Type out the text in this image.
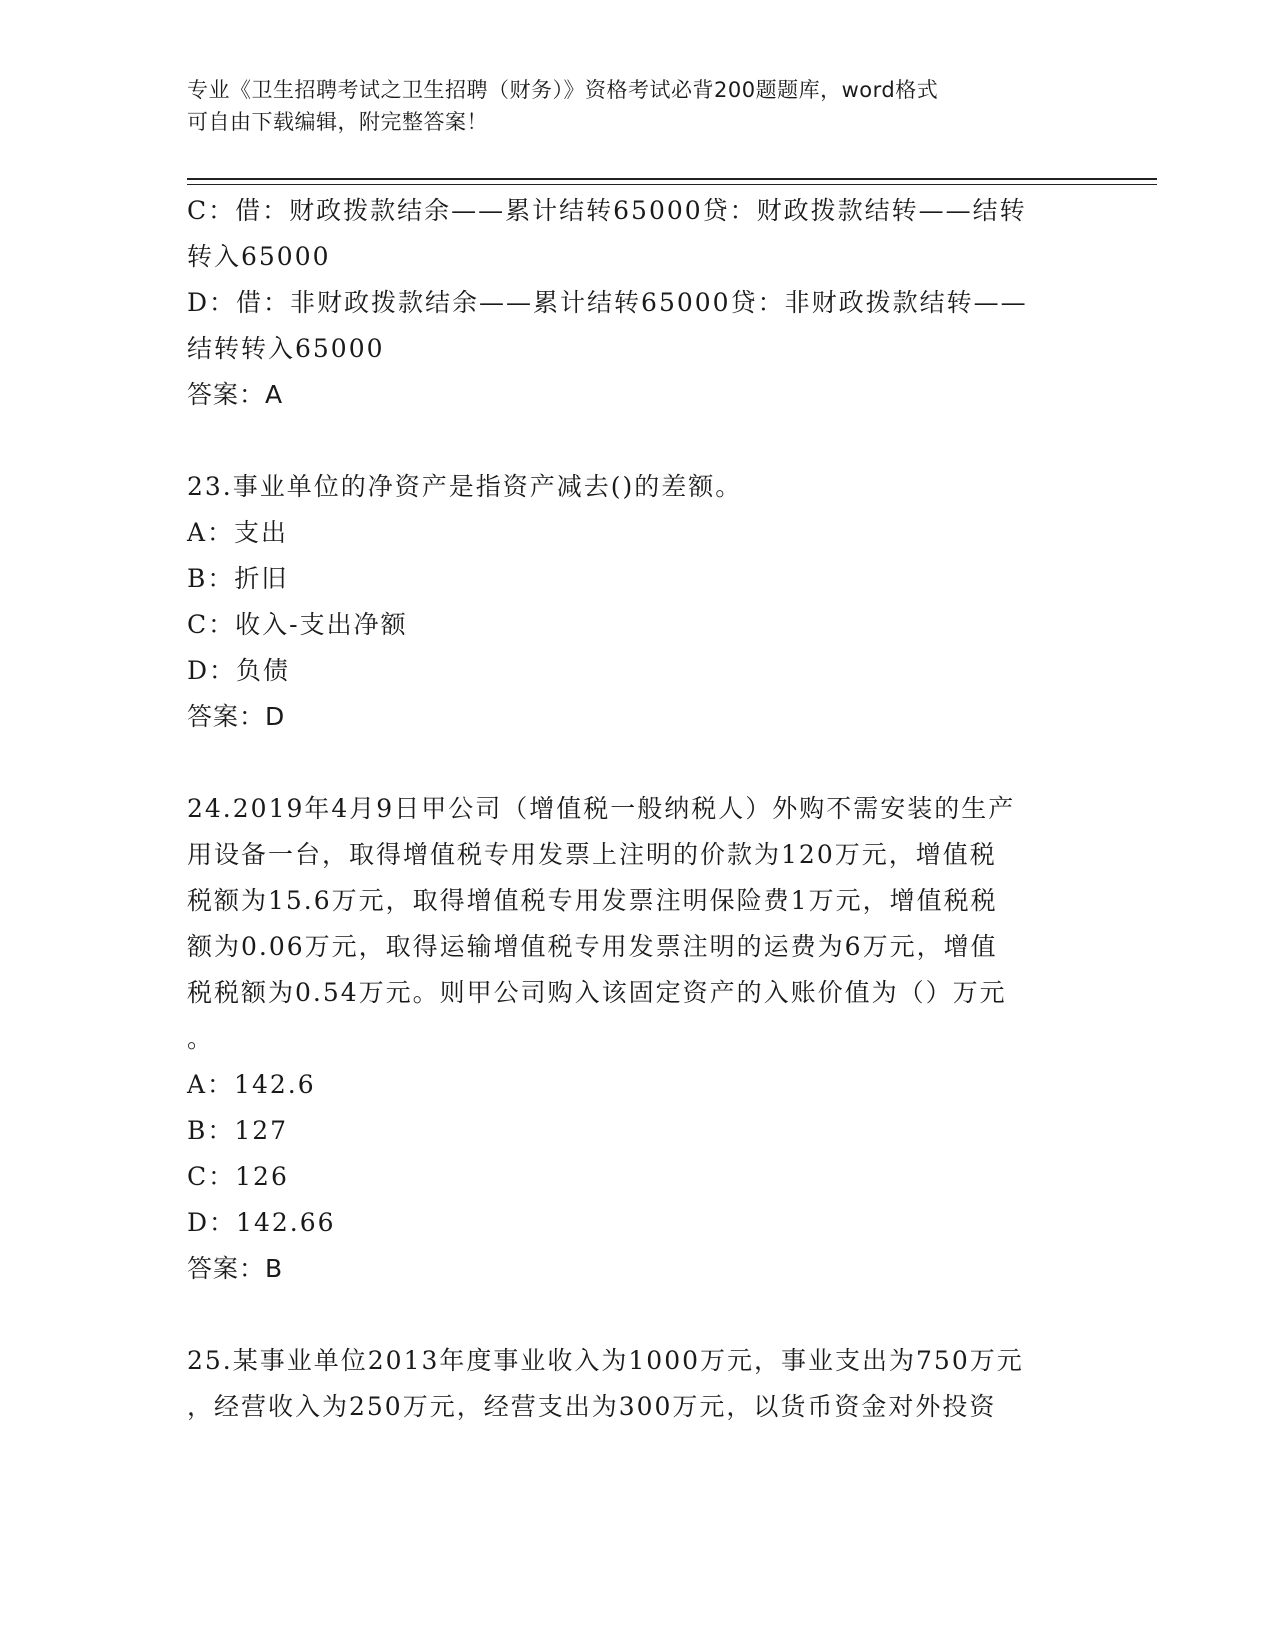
专业《卫生招聘考试之卫生招聘（财务）》资格考试必背200题题库，word格式
可自由下载编辑，附完整答案！
C：借：财政拨款结余——累计结转65000贷：财政拨款结转——结转
转入65000
D：借：非财政拨款结余——累计结转65000贷：非财政拨款结转——
结转转入65000
答案：A
23.事业单位的净资产是指资产减去()的差额。
A：支出
B：折旧
C：收入-支出净额
D：负债
答案：D
24.2019年4月9日甲公司（增值税一般纳税人）外购不需安装的生产
用设备一台，取得增值税专用发票上注明的价款为120万元，增值税
税额为15.6万元，取得增值税专用发票注明保险费1万元，增值税税
额为0.06万元，取得运输增值税专用发票注明的运费为6万元，增值
税税额为0.54万元。则甲公司购入该固定资产的入账价值为（）万元
。
A：142.6
B：127
C：126
D：142.66
答案：B
25.某事业单位2013年度事业收入为1000万元，事业支出为750万元
，经营收入为250万元，经营支出为300万元，以货币资金对外投资
